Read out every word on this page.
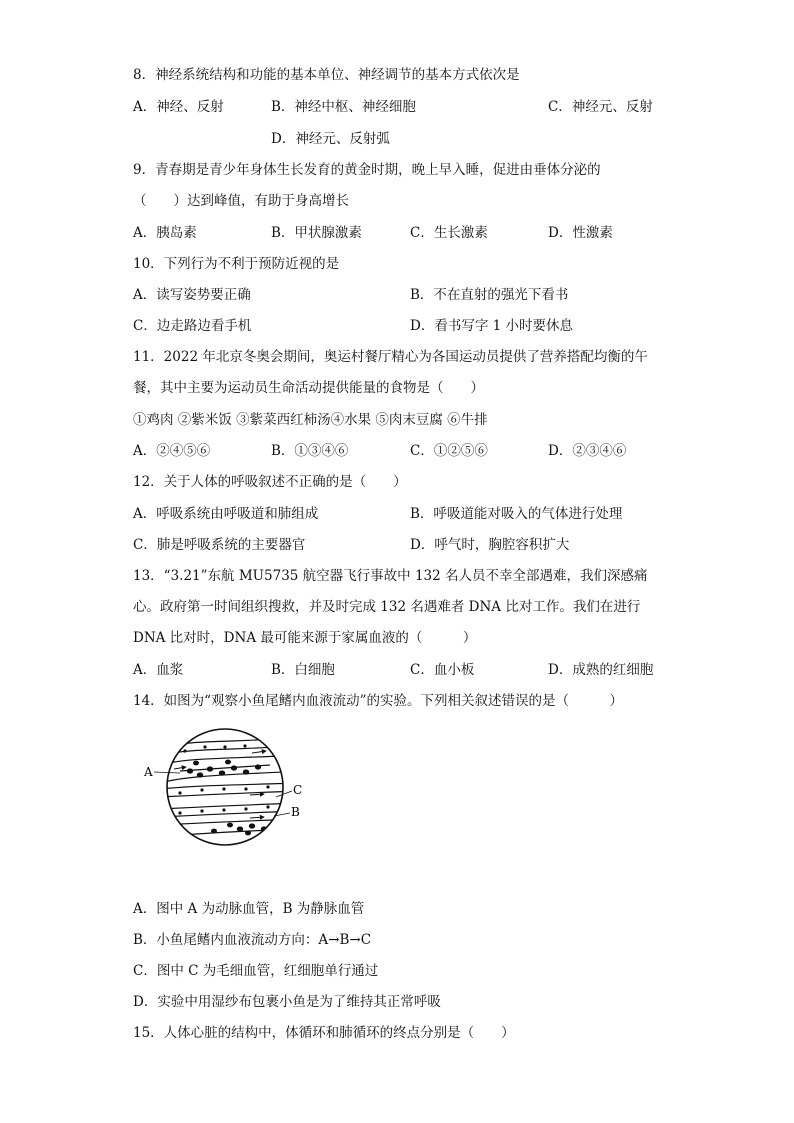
8．神经系统结构和功能的基本单位、神经调节的基本方式依次是
A．神经、反射	B．神经中枢、神经细胞	C．神经元、反射
D．神经元、反射弧
9．青春期是青少年身体生长发育的黄金时期，晚上早入睡，促进由垂体分泌的
（　　）达到峰值，有助于身高增长
A．胰岛素	B．甲状腺激素	C．生长激素	D．性激素
10．下列行为不利于预防近视的是
A．读写姿势要正确	B．不在直射的强光下看书
C．边走路边看手机	D．看书写字 1 小时要休息
11．2022 年北京冬奥会期间，奥运村餐厅精心为各国运动员提供了营养搭配均衡的午
餐，其中主要为运动员生命活动提供能量的食物是（　　）
①鸡肉 ②紫米饭 ③紫菜西红柿汤④水果 ⑤肉末豆腐 ⑥牛排
A．②④⑤⑥	B．①③④⑥	C．①②⑤⑥	D．②③④⑥
12．关于人体的呼吸叙述不正确的是（　　）
A．呼吸系统由呼吸道和肺组成	B．呼吸道能对吸入的气体进行处理
C．肺是呼吸系统的主要器官	D．呼气时，胸腔容积扩大
13．“3.21”东航 MU5735 航空器飞行事故中 132 名人员不幸全部遇难，我们深感痛
心。政府第一时间组织搜救，并及时完成 132 名遇难者 DNA 比对工作。我们在进行
DNA 比对时，DNA 最可能来源于家属血液的（　　　）
A．血浆	B．白细胞	C．血小板	D．成熟的红细胞
14．如图为“观察小鱼尾鳍内血液流动”的实验。下列相关叙述错误的是（　　　）
A
C
B
A．图中 A 为动脉血管，B 为静脉血管
B．小鱼尾鳍内血液流动方向：A→B→C
C．图中 C 为毛细血管，红细胞单行通过
D．实验中用湿纱布包裹小鱼是为了维持其正常呼吸
15．人体心脏的结构中，体循环和肺循环的终点分别是（　　）
